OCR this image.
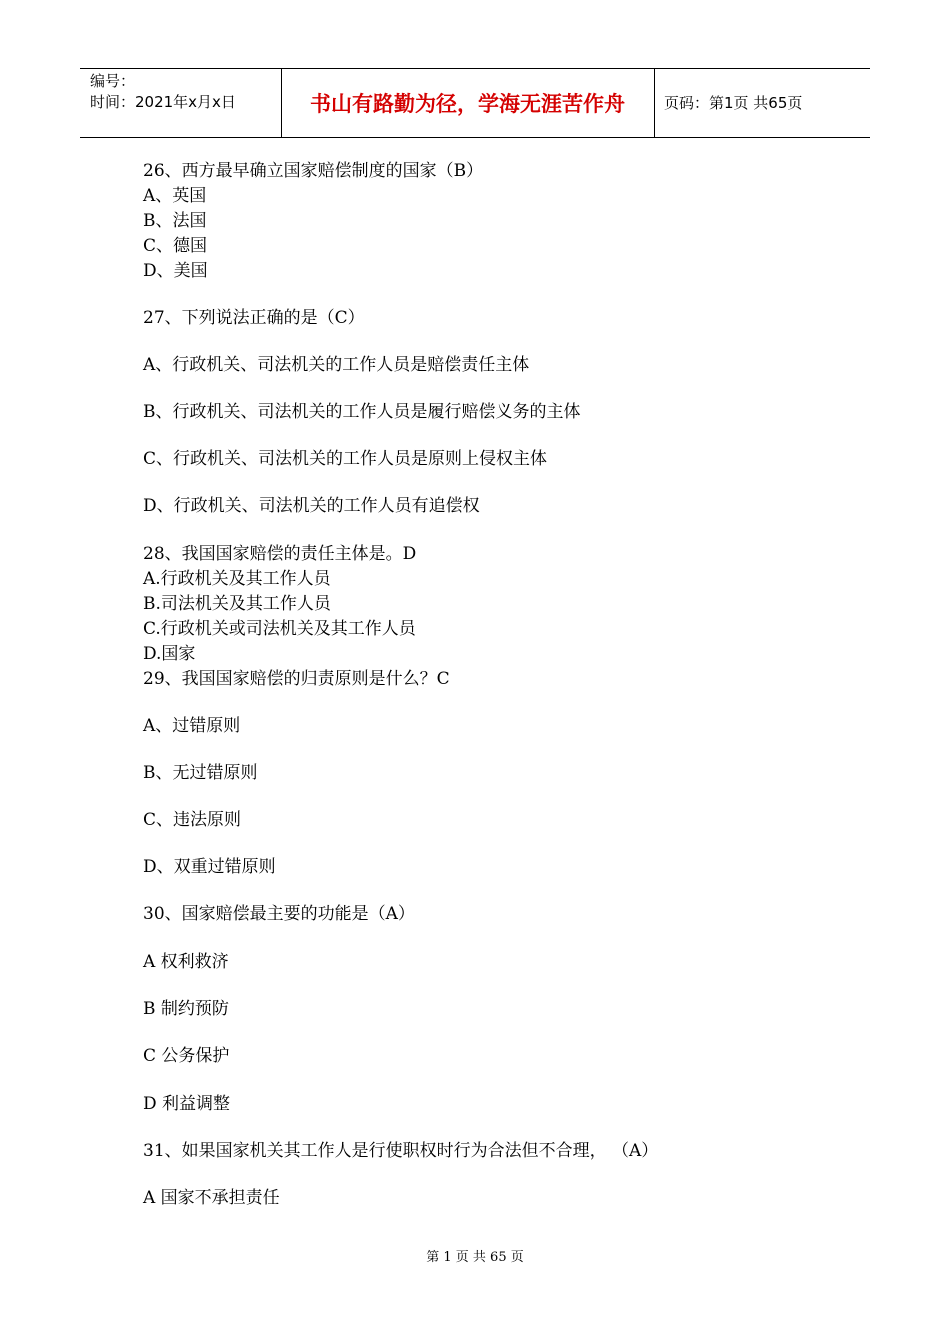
编号：
时间：2021年x月x日	书山有路勤为径，学海无涯苦作舟	页码：第1页 共65页
26、西方最早确立国家赔偿制度的国家（B）
A、英国
B、法国
C、德国
D、美国
27、下列说法正确的是（C）
A、行政机关、司法机关的工作人员是赔偿责任主体
B、行政机关、司法机关的工作人员是履行赔偿义务的主体
C、行政机关、司法机关的工作人员是原则上侵权主体
D、行政机关、司法机关的工作人员有追偿权
28、我国国家赔偿的责任主体是。D
A.行政机关及其工作人员
B.司法机关及其工作人员
C.行政机关或司法机关及其工作人员
D.国家
29、我国国家赔偿的归责原则是什么？C
A、过错原则
B、无过错原则
C、违法原则
D、双重过错原则
30、国家赔偿最主要的功能是（A）
A 权利救济
B 制约预防
C 公务保护
D 利益调整
31、如果国家机关其工作人是行使职权时行为合法但不合理， （A）
A 国家不承担责任
第 1 页 共 65 页
